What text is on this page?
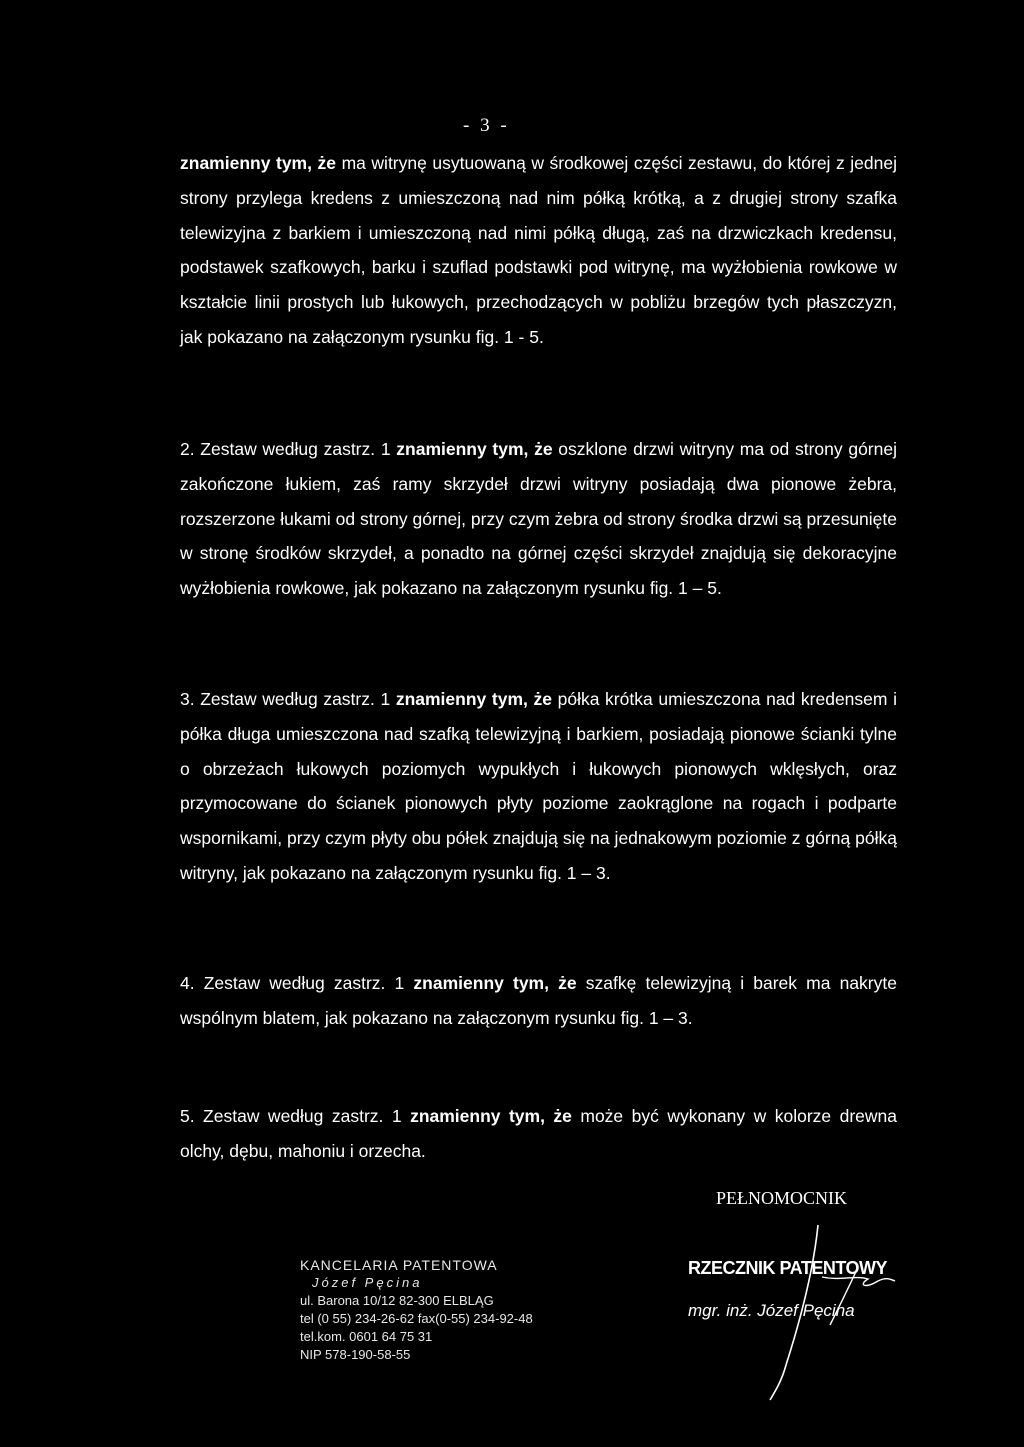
- 3 -
znamienny tym, że ma witrynę usytuowaną w środkowej części zestawu, do której z jednej strony przylega kredens z umieszczoną nad nim półką krótką, a z drugiej strony szafka telewizyjna z barkiem i umieszczoną nad nimi półką długą, zaś na drzwiczkach kredensu, podstawek szafkowych, barku i szuflad podstawki pod witrynę, ma wyżłobienia rowkowe w kształcie linii prostych lub łukowych, przechodzących w pobliżu brzegów tych płaszczyzn, jak pokazano na załączonym rysunku fig. 1 - 5.
2. Zestaw według zastrz. 1 znamienny tym, że oszklone drzwi witryny ma od strony górnej zakończone łukiem, zaś ramy skrzydeł drzwi witryny posiadają dwa pionowe żebra, rozszerzone łukami od strony górnej, przy czym żebra od strony środka drzwi są przesunięte w stronę środków skrzydeł, a ponadto na górnej części skrzydeł znajdują się dekoracyjne wyżłobienia rowkowe, jak pokazano na załączonym rysunku fig. 1 – 5.
3. Zestaw według zastrz. 1 znamienny tym, że półka krótka umieszczona nad kredensem i półka długa umieszczona nad szafką telewizyjną i barkiem, posiadają pionowe ścianki tylne o obrzeżach łukowych poziomych wypukłych i łukowych pionowych wklęsłych, oraz przymocowane do ścianek pionowych płyty poziome zaokrąglone na rogach i podparte wspornikami, przy czym płyty obu półek znajdują się na jednakowym poziomie z górną półką witryny, jak pokazano na załączonym rysunku fig. 1 – 3.
4. Zestaw według zastrz. 1 znamienny tym, że szafkę telewizyjną i barek ma nakryte wspólnym blatem, jak pokazano na załączonym rysunku fig. 1 – 3.
5. Zestaw według zastrz. 1 znamienny tym, że może być wykonany w kolorze drewna olchy, dębu, mahoniu i orzecha.
PEŁNOMOCNIK
KANCELARIA PATENTOWA
Józef Pęcina
ul. Barona 10/12 82-300 ELBLĄG
tel (0 55) 234-26-62 fax(0-55) 234-92-48
tel.kom. 0601 64 75 31
NIP 578-190-58-55
RZECZNIK PATENTOWY
mgr. inż. Józef Pęcina
